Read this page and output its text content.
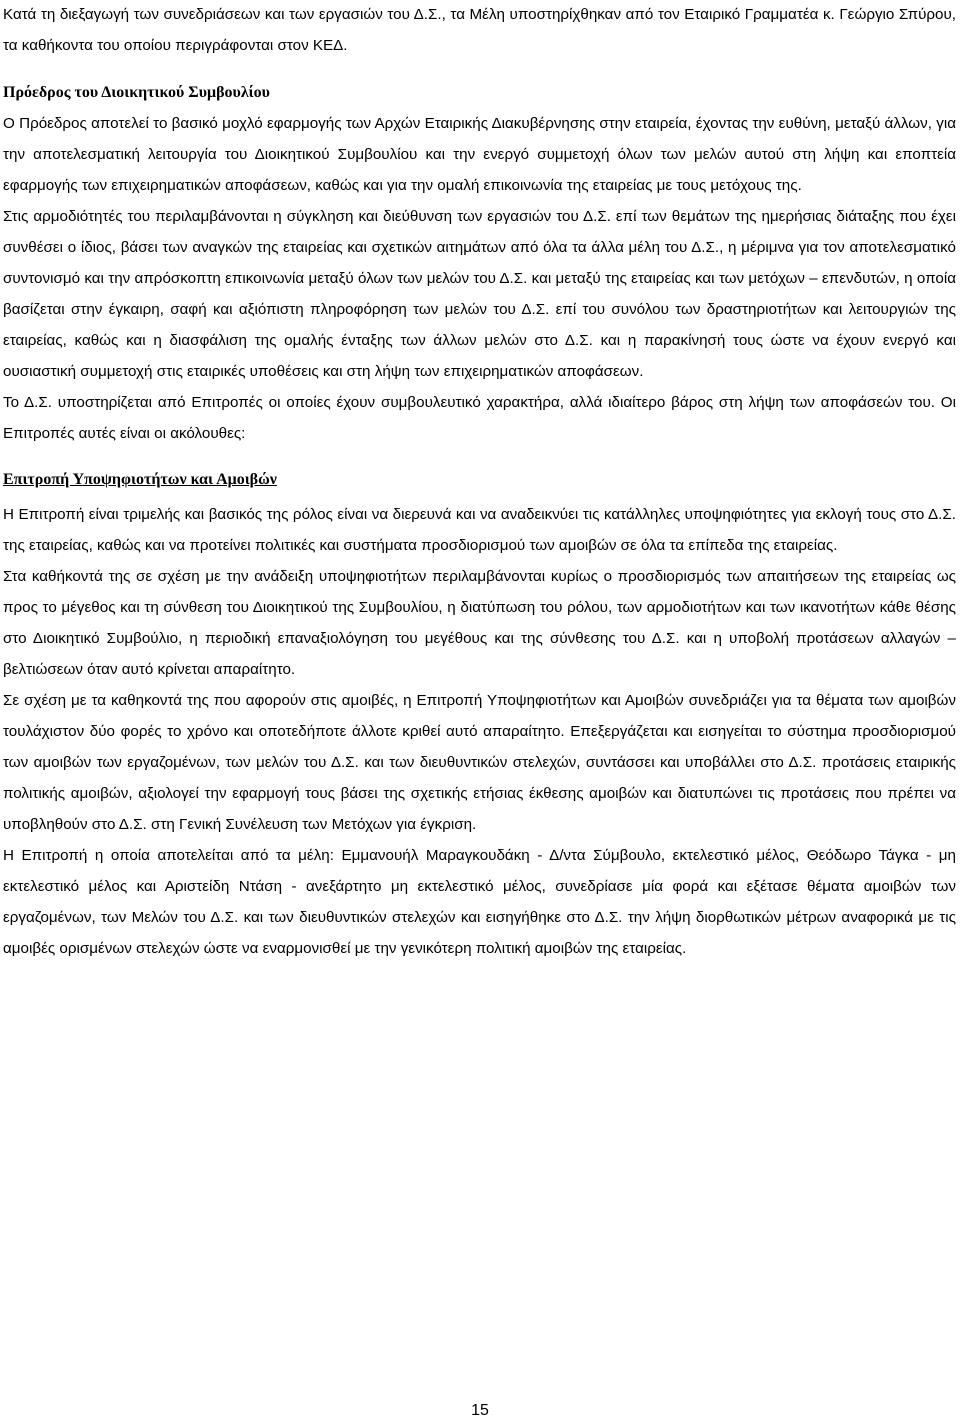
Κατά τη διεξαγωγή των συνεδριάσεων και των εργασιών του Δ.Σ., τα Μέλη υποστηρίχθηκαν από τον Εταιρικό Γραμματέα κ. Γεώργιο Σπύρου, τα καθήκοντα του οποίου περιγράφονται στον ΚΕΔ.

Πρόεδρος του Διοικητικού Συμβουλίου

Ο Πρόεδρος αποτελεί το βασικό μοχλό εφαρμογής των Αρχών Εταιρικής Διακυβέρνησης στην εταιρεία, έχοντας την ευθύνη, μεταξύ άλλων, για την αποτελεσματική λειτουργία του Διοικητικού Συμβουλίου και την ενεργό συμμετοχή όλων των μελών αυτού στη λήψη και εποπτεία εφαρμογής των επιχειρηματικών αποφάσεων, καθώς και για την ομαλή επικοινωνία της εταιρείας με τους μετόχους της.

Στις αρμοδιότητές του περιλαμβάνονται η σύγκληση και διεύθυνση των εργασιών του Δ.Σ. επί των θεμάτων της ημερήσιας διάταξης που έχει συνθέσει ο ίδιος, βάσει των αναγκών της εταιρείας και σχετικών αιτημάτων από όλα τα άλλα μέλη του Δ.Σ., η μέριμνα για τον αποτελεσματικό συντονισμό και την απρόσκοπτη επικοινωνία μεταξύ όλων των μελών του Δ.Σ. και μεταξύ της εταιρείας και των μετόχων – επενδυτών, η οποία βασίζεται στην έγκαιρη, σαφή και αξιόπιστη πληροφόρηση των μελών του Δ.Σ. επί του συνόλου των δραστηριοτήτων και λειτουργιών της εταιρείας, καθώς και η διασφάλιση της ομαλής ένταξης των άλλων μελών στο Δ.Σ. και η παρακίνησή τους ώστε να έχουν ενεργό και ουσιαστική συμμετοχή στις εταιρικές υποθέσεις και στη λήψη των επιχειρηματικών αποφάσεων.

Το Δ.Σ. υποστηρίζεται από Επιτροπές οι οποίες έχουν συμβουλευτικό χαρακτήρα, αλλά ιδιαίτερο βάρος στη λήψη των αποφάσεών του. Οι Επιτροπές αυτές είναι οι ακόλουθες:

Επιτροπή Υποψηφιοτήτων και Αμοιβών

Η Επιτροπή είναι τριμελής και βασικός της ρόλος είναι να διερευνά και να αναδεικνύει τις κατάλληλες υποψηφιότητες για εκλογή τους στο Δ.Σ. της εταιρείας, καθώς και να προτείνει πολιτικές και συστήματα προσδιορισμού των αμοιβών σε όλα τα επίπεδα της εταιρείας.

Στα καθήκοντά της σε σχέση με την ανάδειξη υποψηφιοτήτων περιλαμβάνονται κυρίως ο προσδιορισμός των απαιτήσεων της εταιρείας ως προς το μέγεθος και τη σύνθεση του Διοικητικού της Συμβουλίου, η διατύπωση του ρόλου, των αρμοδιοτήτων και των ικανοτήτων κάθε θέσης στο Διοικητικό Συμβούλιο, η περιοδική επαναξιολόγηση του μεγέθους και της σύνθεσης του Δ.Σ. και η υποβολή προτάσεων αλλαγών – βελτιώσεων όταν αυτό κρίνεται απαραίτητο.

Σε σχέση με τα καθηκοντά της που αφορούν στις αμοιβές, η Επιτροπή Υποψηφιοτήτων και Αμοιβών συνεδριάζει για τα θέματα των αμοιβών τουλάχιστον δύο φορές το χρόνο και οποτεδήποτε άλλοτε κριθεί αυτό απαραίτητο. Επεξεργάζεται και εισηγείται το σύστημα προσδιορισμού των αμοιβών των εργαζομένων, των μελών του Δ.Σ. και των διευθυντικών στελεχών, συντάσσει και υποβάλλει στο Δ.Σ. προτάσεις εταιρικής πολιτικής αμοιβών, αξιολογεί την εφαρμογή τους βάσει της σχετικής ετήσιας έκθεσης αμοιβών και διατυπώνει τις προτάσεις που πρέπει να υποβληθούν στο Δ.Σ. στη Γενική Συνέλευση των Μετόχων για έγκριση.

Η Επιτροπή η οποία αποτελείται από τα μέλη: Εμμανουήλ Μαραγκουδάκη - Δ/ντα Σύμβουλο, εκτελεστικό μέλος, Θεόδωρο Τάγκα - μη εκτελεστικό μέλος και Αριστείδη Ντάση - ανεξάρτητο μη εκτελεστικό μέλος, συνεδρίασε μία φορά και εξέτασε θέματα αμοιβών των εργαζομένων, των Μελών του Δ.Σ. και των διευθυντικών στελεχών και εισηγήθηκε στο Δ.Σ. την λήψη διορθωτικών μέτρων αναφορικά με τις αμοιβές ορισμένων στελεχών ώστε να εναρμονισθεί με την γενικότερη πολιτική αμοιβών της εταιρείας.

15
